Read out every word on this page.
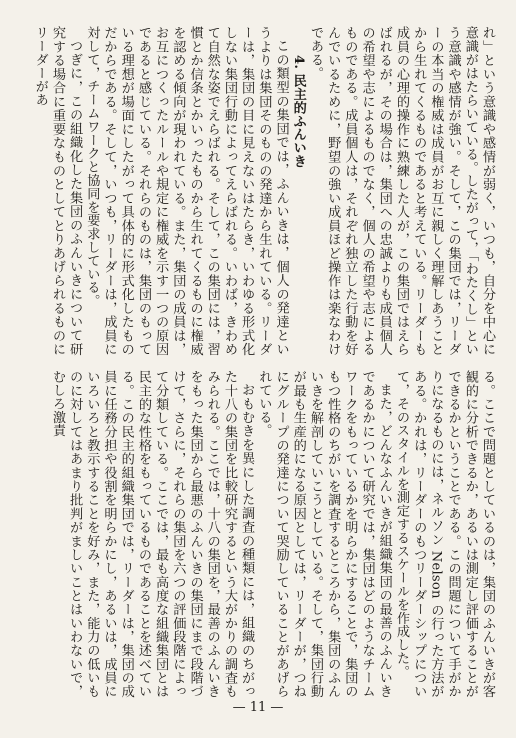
れ」という意識や感情が弱く，いつも，自分を中心に意識がはたらいている。したがって，「わたくし」という意識や感情が強い。そして，この集団では，リーダーの本当の権威は成員がお互に親しく理解しあうことから生れてくるものであると考えている。リーダーも成員の心理的操作に熟練した人が，この集団ではえらばれるが，その場合は，集団への忠誠よりも成員個人の希望や志によるものでなく，個人の希望や志によるものである。成員個人は，それぞれ独立した行動を好んでいるために，野望の強い成員ほど操作は楽なわけである。

4. 民主的ふんいき

この類型の集団では，ふんいきは，個人の発達というよりは集団そのものの発達から生れている。リーダーは，集団の目に見えないはたらき，いわゆる形式化しない集団行動によってえらばれる。いわば，きわめて自然な姿でえらばれる。そして，この集団には，習慣とか信条とかいったものから生れてくるものに権威を認める傾向が現われている。また，集団の成員は，お互につくったルールや規定に権威を示す一つの原因であると感じている。それらのものは，集団のもっている理想が場面にしたがって具体的に形式化したものだからである。そして，いつも，リーダーは，成員に対して，チームワークと協同を要求している。

つぎに，この組織化した集団のふんいきについて研究する場合に重要なものとしてとりあげられるものにリーダーがあ

る。ここで問題としているのは，集団のふんいきが客観的に分析できるか，あるいは測定し評価することができるかということである。この問題について手がかりになるものには，ネルソン Nelson の行った方法がある。かれは，リーダーのもつリーダーシップについて，そのスタイルを測定するスケールを作成した。

また，どんなふんいきが組織集団の最善のふんいきであるかについて研究では，集団はどのようなチームワークをもっているかを明らかにすることで，集団のもつ性格のちがいを調査するところから，集団のふんいきを解剖していこうとしている。そして，集団行動が最も生産的になる原因としては，リーダーが，つねにグループの発達について哭励していることがあげられている。

おもむきを異にした調査の種類には，組織のちがった十八の集団を比較研究するという大がかりの調査もみられる。ここでは，十八の集団を，最善のふんいきをもった集団から最悪のふんいきの集団にまで段階づけて，さらに，それらの集団を六つの評価段階によって分類している。ここでは，最も高度な組織集団とは民主的な性格をもっているものであることを述べている。この民主的組織集団では，リーダーは，集団の成員に任務分担や役割を明らかにし，あるいは，成員にいろいろと教示することを好み，また，能力の低いものに対してはあまり批判がましいことはいわないで，むしろ激責

— 11 —
